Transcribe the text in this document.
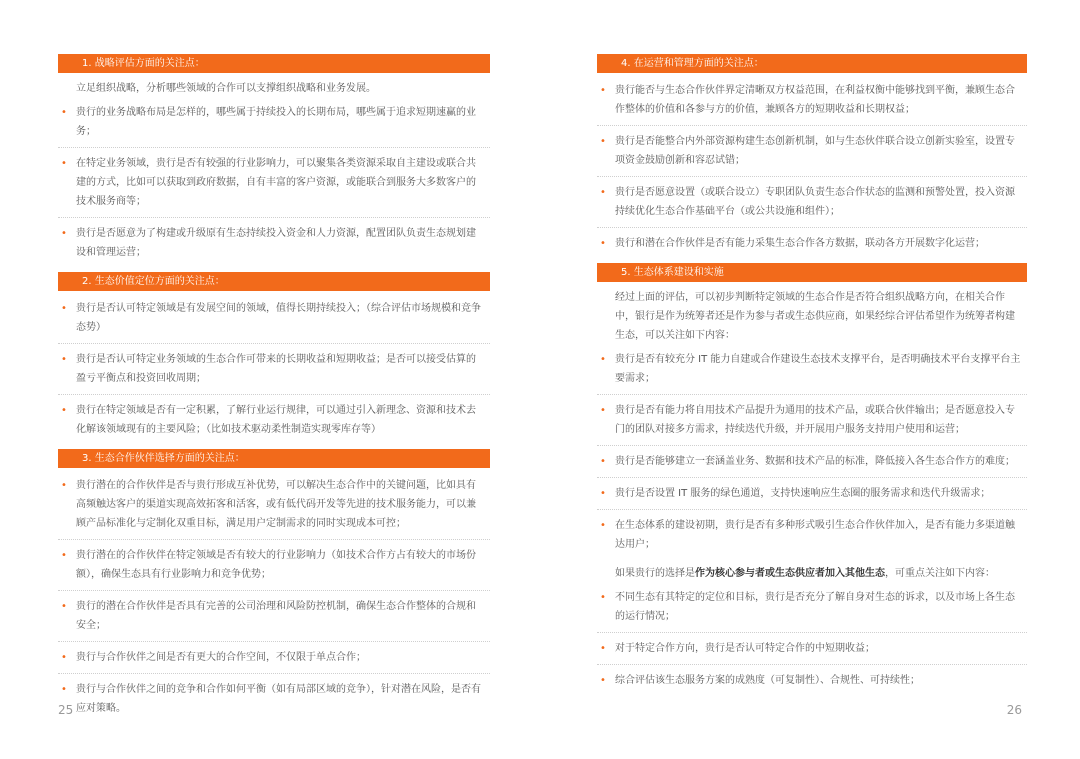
1. 战略评估方面的关注点：
立足组织战略，分析哪些领域的合作可以支撑组织战略和业务发展。
• 贵行的业务战略布局是怎样的，哪些属于持续投入的长期布局，哪些属于追求短期速赢的业务；
• 在特定业务领域，贵行是否有较强的行业影响力，可以聚集各类资源采取自主建设或联合共建的方式，比如可以获取到政府数据，自有丰富的客户资源，或能联合到服务大多数客户的技术服务商等；
• 贵行是否愿意为了构建或升级原有生态持续投入资金和人力资源，配置团队负责生态规划建设和管理运营；
2. 生态价值定位方面的关注点：
• 贵行是否认可特定领域是有发展空间的领域，值得长期持续投入；（综合评估市场规模和竞争态势）
• 贵行是否认可特定业务领域的生态合作可带来的长期收益和短期收益；是否可以接受估算的盈亏平衡点和投资回收周期；
• 贵行在特定领域是否有一定积累，了解行业运行规律，可以通过引入新理念、资源和技术去化解该领域现有的主要风险；（比如技术驱动柔性制造实现零库存等）
3. 生态合作伙伴选择方面的关注点：
• 贵行潜在的合作伙伴是否与贵行形成互补优势，可以解决生态合作中的关键问题，比如具有高频触达客户的渠道实现高效拓客和活客，或有低代码开发等先进的技术服务能力，可以兼顾产品标准化与定制化双重目标，满足用户定制需求的同时实现成本可控；
• 贵行潜在的合作伙伴在特定领域是否有较大的行业影响力（如技术合作方占有较大的市场份额），确保生态具有行业影响力和竞争优势；
• 贵行的潜在合作伙伴是否具有完善的公司治理和风险防控机制，确保生态合作整体的合规和安全；
• 贵行与合作伙伴之间是否有更大的合作空间，不仅限于单点合作；
• 贵行与合作伙伴之间的竞争和合作如何平衡（如有局部区域的竞争），针对潜在风险，是否有应对策略。
4. 在运营和管理方面的关注点：
• 贵行能否与生态合作伙伴界定清晰双方权益范围，在利益权衡中能够找到平衡，兼顾生态合作整体的价值和各参与方的价值，兼顾各方的短期收益和长期权益；
• 贵行是否能整合内外部资源构建生态创新机制，如与生态伙伴联合设立创新实验室，设置专项资金鼓励创新和容忍试错；
• 贵行是否愿意设置（或联合设立）专职团队负责生态合作状态的监测和预警处置，投入资源持续优化生态合作基础平台（或公共设施和组件）；
• 贵行和潜在合作伙伴是否有能力采集生态合作各方数据，联动各方开展数字化运营；
5. 生态体系建设和实施
经过上面的评估，可以初步判断特定领域的生态合作是否符合组织战略方向，在相关合作中，银行是作为统筹者还是作为参与者或生态供应商，如果经综合评估希望作为统筹者构建生态，可以关注如下内容：
• 贵行是否有较充分 IT 能力自建或合作建设生态技术支撑平台，是否明确技术平台支撑平台主要需求；
• 贵行是否有能力将自用技术产品提升为通用的技术产品，或联合伙伴输出；是否愿意投入专门的团队对接多方需求，持续迭代升级，并开展用户服务支持用户使用和运营；
• 贵行是否能够建立一套涵盖业务、数据和技术产品的标准，降低接入各生态合作方的难度；
• 贵行是否设置 IT 服务的绿色通道，支持快速响应生态圈的服务需求和迭代升级需求；
• 在生态体系的建设初期，贵行是否有多种形式吸引生态合作伙伴加入，是否有能力多渠道触达用户；
如果贵行的选择是作为核心参与者或生态供应者加入其他生态，可重点关注如下内容：
• 不同生态有其特定的定位和目标，贵行是否充分了解自身对生态的诉求，以及市场上各生态的运行情况；
• 对于特定合作方向，贵行是否认可特定合作的中短期收益；
• 综合评估该生态服务方案的成熟度（可复制性）、合规性、可持续性；
25	26
